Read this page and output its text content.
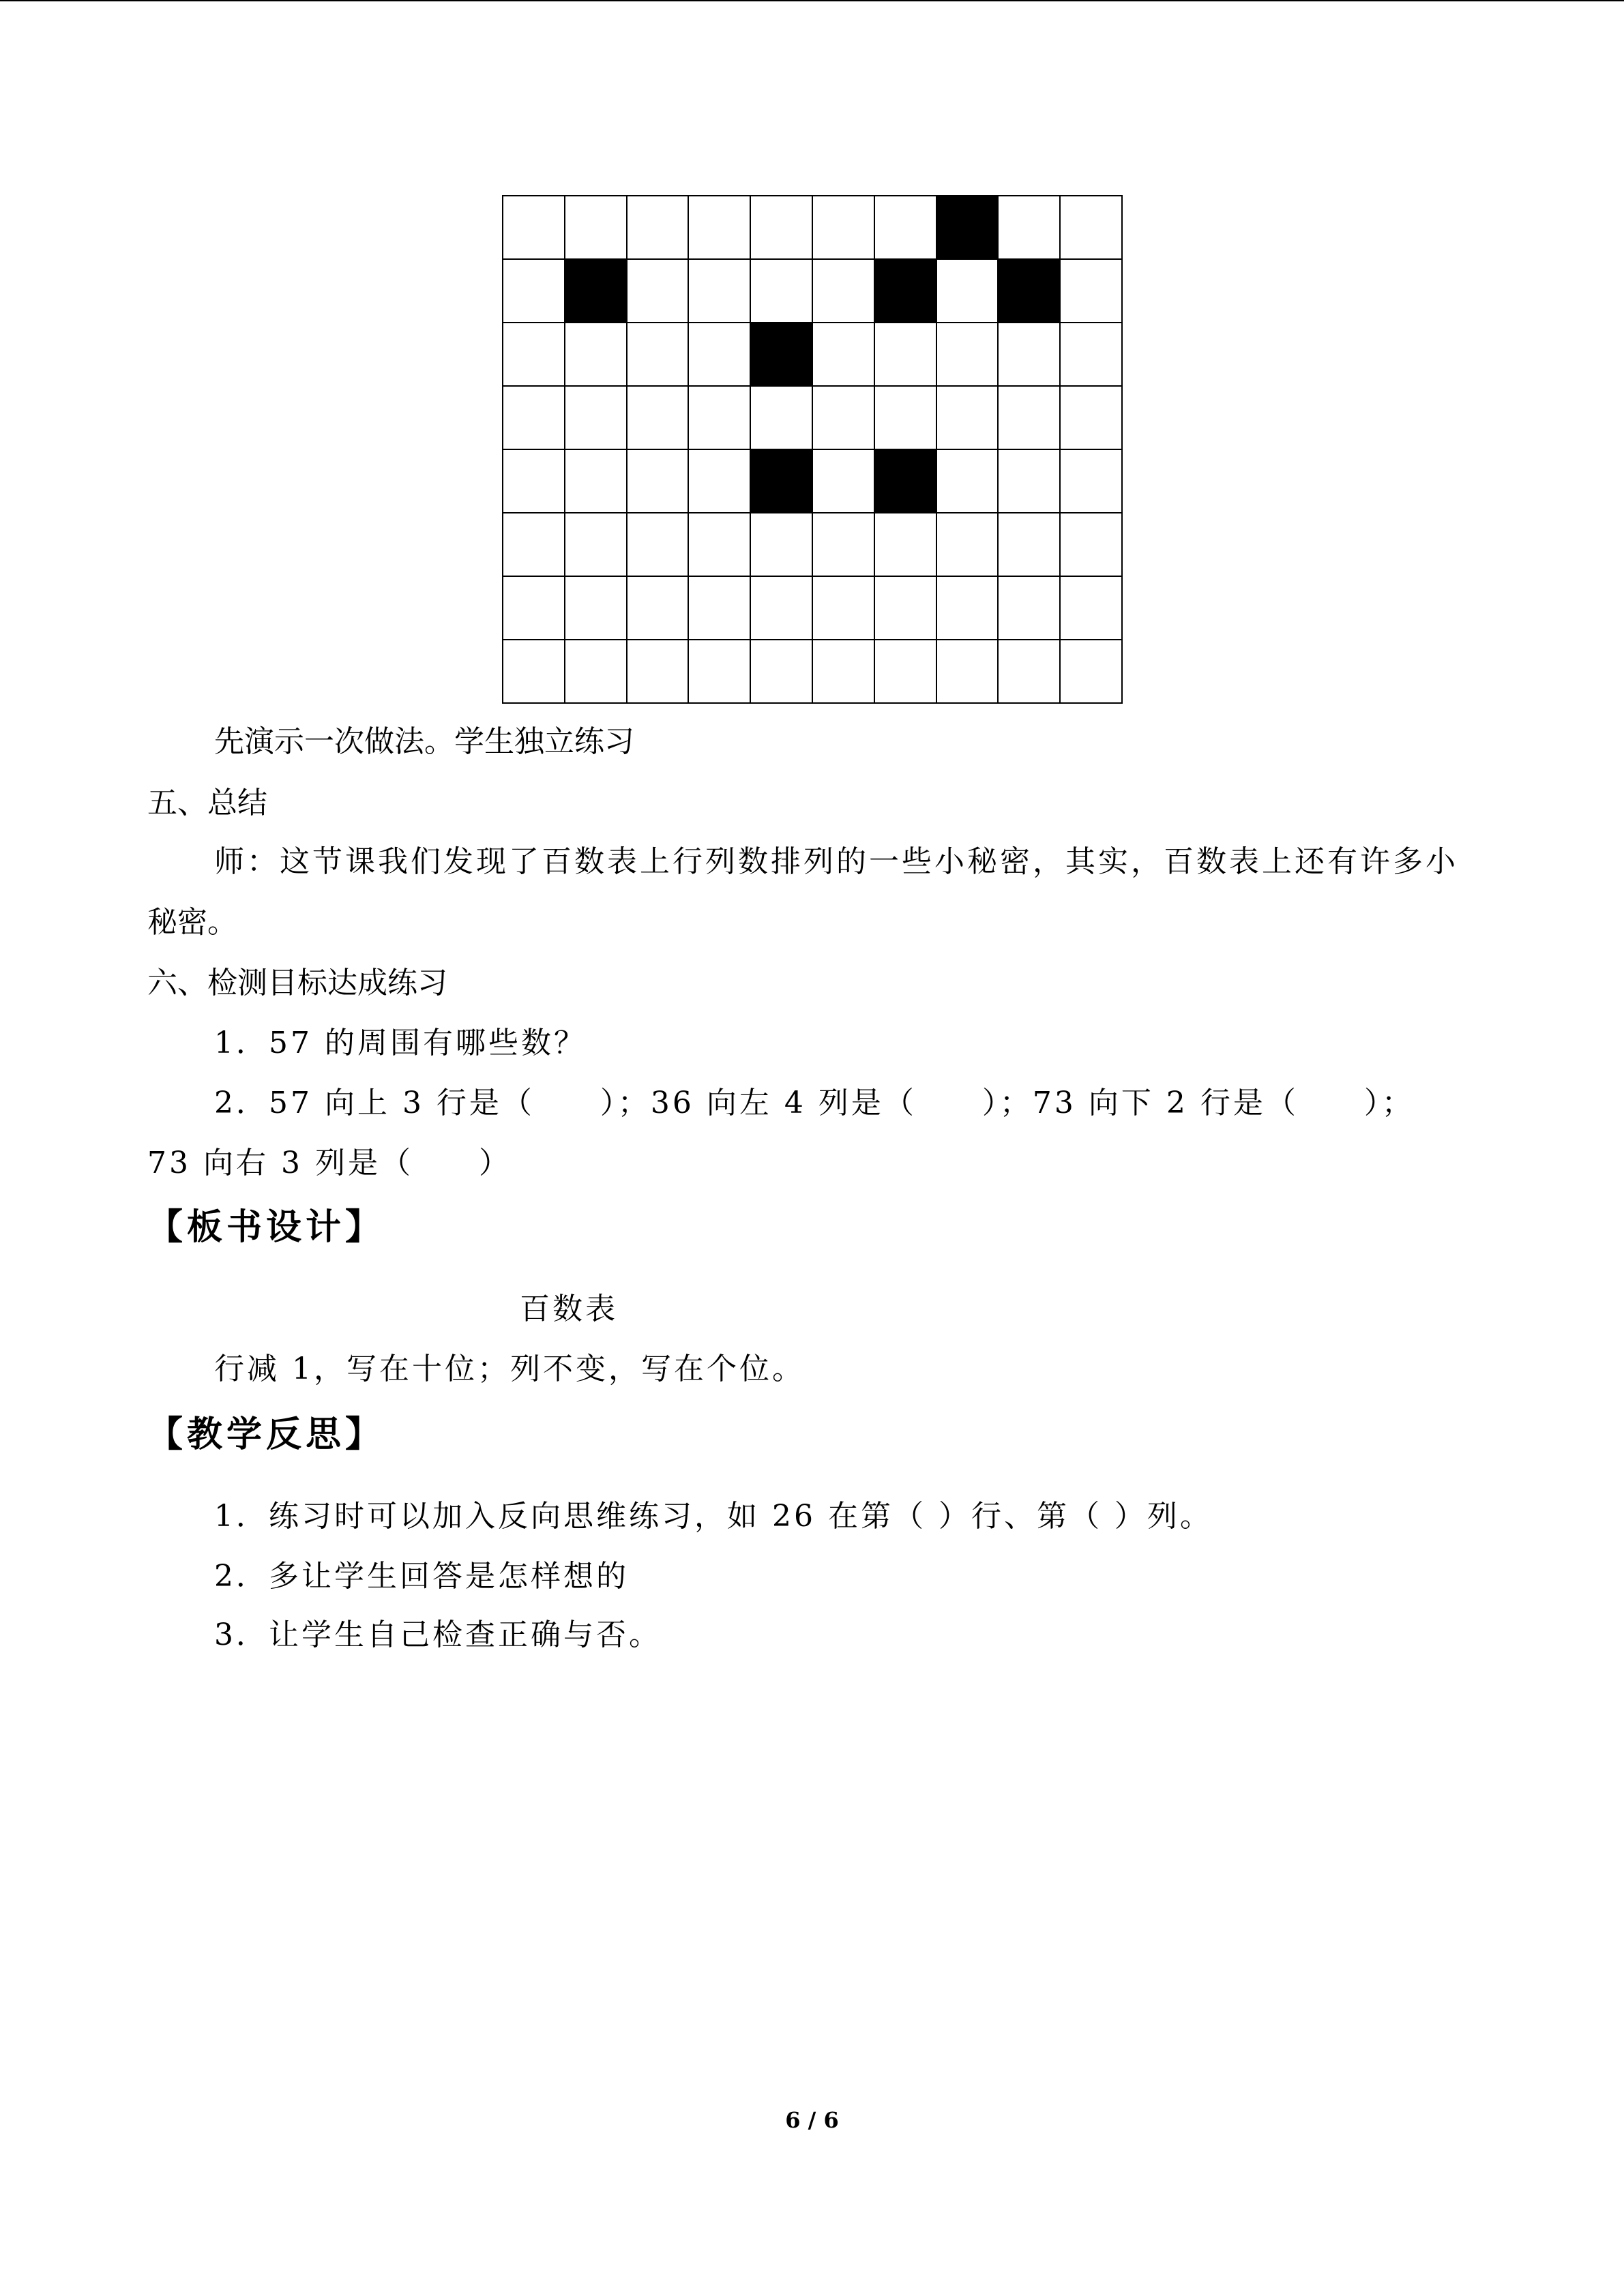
先演示一次做法。学生独立练习
五、总结
师：这节课我们发现了百数表上行列数排列的一些小秘密，其实，百数表上还有许多小
秘密。
六、检测目标达成练习
1．57 的周围有哪些数？
2．57 向上 3 行是（　　）；36 向左 4 列是（　　）；73 向下 2 行是（　　）；
73 向右 3 列是（　　）
【板书设计】
百数表
行减 1，写在十位；列不变，写在个位。
【教学反思】
1．练习时可以加入反向思维练习，如 26 在第（ ）行、第（ ）列。
2．多让学生回答是怎样想的
3．让学生自己检查正确与否。
6 / 6
